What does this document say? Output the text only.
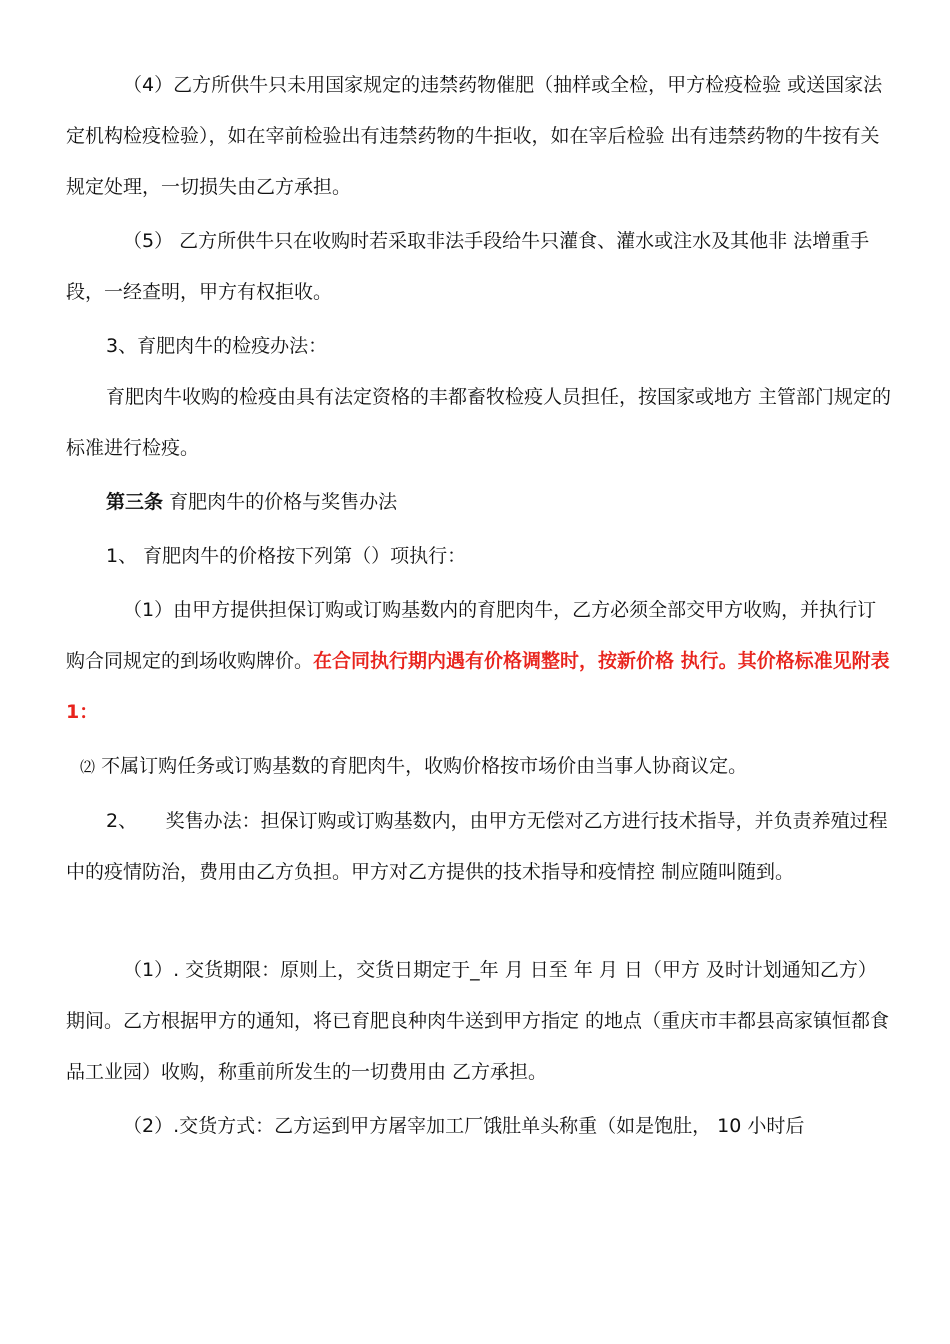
（4）乙方所供牛只未用国家规定的违禁药物催肥（抽样或全检，甲方检疫检验 或送国家法定机构检疫检验），如在宰前检验出有违禁药物的牛拒收，如在宰后检验 出有违禁药物的牛按有关规定处理，一切损失由乙方承担。

（5） 乙方所供牛只在收购时若采取非法手段给牛只灌食、灌水或注水及其他非 法增重手段，一经查明，甲方有权拒收。

3、育肥肉牛的检疫办法：

育肥肉牛收购的检疫由具有法定资格的丰都畜牧检疫人员担任，按国家或地方 主管部门规定的标准进行检疫。

第三条 育肥肉牛的价格与奖售办法

1、 育肥肉牛的价格按下列第（）项执行：

（1）由甲方提供担保订购或订购基数内的育肥肉牛，乙方必须全部交甲方收购，并执行订购合同规定的到场收购牌价。在合同执行期内遇有价格调整时，按新价格 执行。其价格标准见附表 1：

⑵ 不属订购任务或订购基数的育肥肉牛，收购价格按市场价由当事人协商议定。

2、　　奖售办法：担保订购或订购基数内，由甲方无偿对乙方进行技术指导，并负责养殖过程中的疫情防治，费用由乙方负担。甲方对乙方提供的技术指导和疫情控 制应随叫随到。

（1）. 交货期限：原则上，交货日期定于_年 月 日至 年 月 日（甲方 及时计划通知乙方）期间。乙方根据甲方的通知，将已育肥良种肉牛送到甲方指定 的地点（重庆市丰都县高家镇恒都食品工业园）收购，称重前所发生的一切费用由 乙方承担。

（2）.交货方式：乙方运到甲方屠宰加工厂饿肚单头称重（如是饱肚， 10 小时后
